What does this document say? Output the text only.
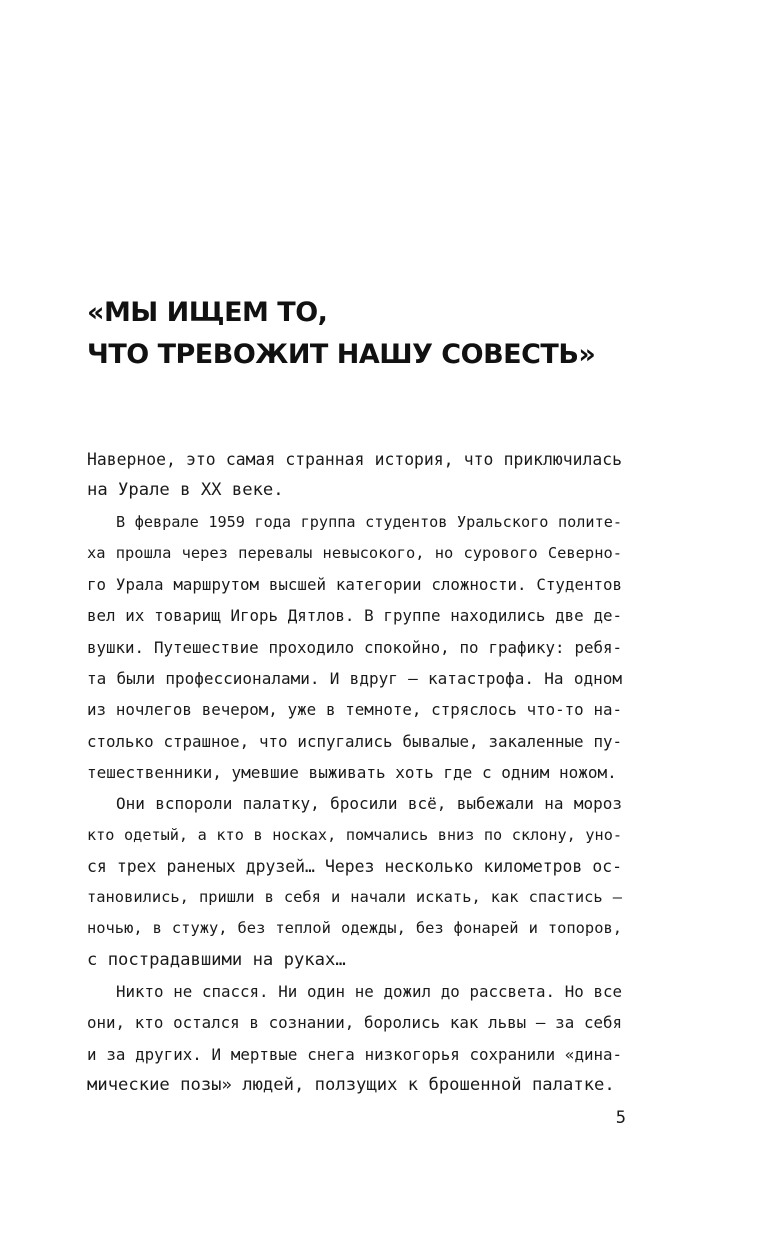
«МЫ ИЩЕМ ТО,
ЧТО ТРЕВОЖИТ НАШУ СОВЕСТЬ»
Наверное, это самая странная история, что приключилась
на Урале в XX веке.
В феврале 1959 года группа студентов Уральского полите-
ха прошла через перевалы невысокого, но сурового Северно-
го Урала маршрутом высшей категории сложности. Студентов
вел их товарищ Игорь Дятлов. В группе находились две де-
вушки. Путешествие проходило спокойно, по графику: ребя-
та были профессионалами. И вдруг – катастрофа. На одном
из ночлегов вечером, уже в темноте, стряслось что-то на-
столько страшное, что испугались бывалые, закаленные пу-
тешественники, умевшие выживать хоть где с одним ножом.
Они вспороли палатку, бросили всё, выбежали на мороз
кто одетый, а кто в носках, помчались вниз по склону, уно-
ся трех раненых друзей… Через несколько километров ос-
тановились, пришли в себя и начали искать, как спастись –
ночью, в стужу, без теплой одежды, без фонарей и топоров,
с пострадавшими на руках…
Никто не спасся. Ни один не дожил до рассвета. Но все
они, кто остался в сознании, боролись как львы – за себя
и за других. И мертвые снега низкогорья сохранили «дина-
мические позы» людей, ползущих к брошенной палатке.
5
